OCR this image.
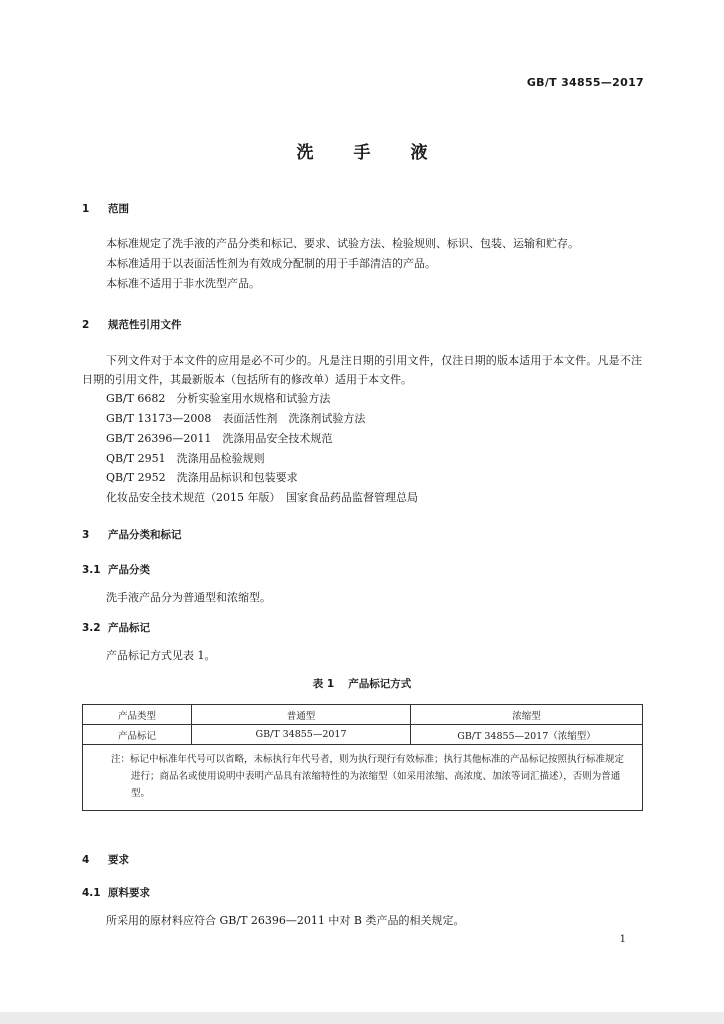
GB/T 34855—2017
洗手液
1 范围
本标准规定了洗手液的产品分类和标记、要求、试验方法、检验规则、标识、包装、运输和贮存。
本标准适用于以表面活性剂为有效成分配制的用于手部清洁的产品。
本标准不适用于非水洗型产品。
2 规范性引用文件
下列文件对于本文件的应用是必不可少的。凡是注日期的引用文件，仅注日期的版本适用于本文件。凡是不注日期的引用文件，其最新版本（包括所有的修改单）适用于本文件。
GB/T 6682　分析实验室用水规格和试验方法
GB/T 13173—2008　表面活性剂　洗涤剂试验方法
GB/T 26396—2011　洗涤用品安全技术规范
QB/T 2951　洗涤用品检验规则
QB/T 2952　洗涤用品标识和包装要求
化妆品安全技术规范（2015 年版）　国家食品药品监督管理总局
3 产品分类和标记
3.1 产品分类
洗手液产品分为普通型和浓缩型。
3.2 产品标记
产品标记方式见表 1。
表 1 产品标记方式
产品类型	普通型	浓缩型
产品标记	GB/T 34855—2017	GB/T 34855—2017（浓缩型）

注：标记中标准年代号可以省略，未标执行年代号者，则为执行现行有效标准；执行其他标准的产品标记按照执行标准规定进行；商品名或使用说明中表明产品具有浓缩特性的为浓缩型（如采用浓缩、高浓度、加浓等词汇描述），否则为普通型。		
4 要求
4.1 原料要求
所采用的原材料应符合 GB/T 26396—2011 中对 B 类产品的相关规定。
1
